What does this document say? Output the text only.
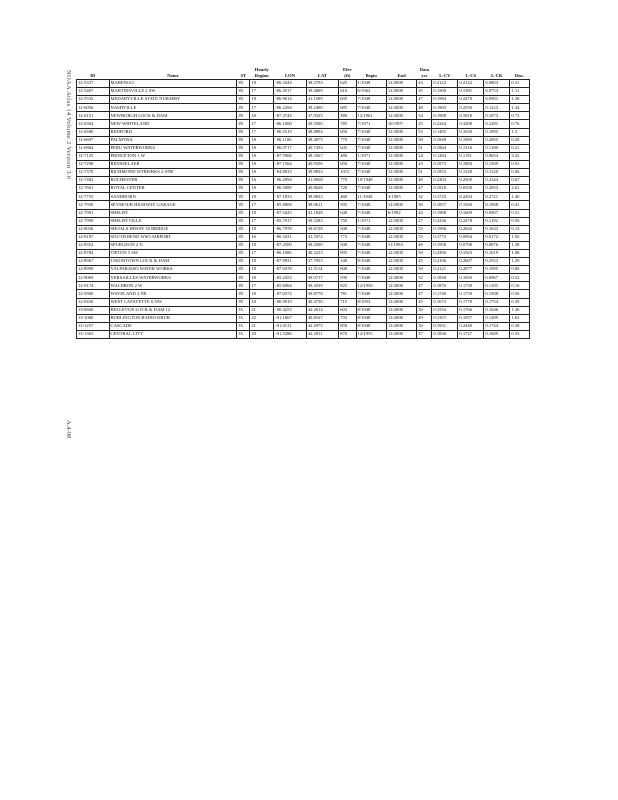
NOAA Atlas 14 Volume 2 Version 3.0
			Hourly			Elev			Data				
ID	Name	ST	Region	LON	LAT	(ft)	Begin	End	yrs	L-CV	L-CS	L-CK	Disc.
12-5337	MARENGO	IN	18	-86.3444	38.3703	625	1/1948	12/2000	43	0.2122	0.2142	0.0803	0.31
12-5407	MARTINSVILLE 2 SW	IN	17	-86.4517	39.4069	610	6/1962	12/2000	35	0.1500	0.1185	0.0753	1.11
12-5535	MEDARYVILLE STATE NURSERY	IN	18	-86.9014	41.1589	695	7/1948	12/2000	47	0.1984	0.2470	0.0901	1.38
12-6056	NASHVILLE	IN	17	-86.2294	39.2400	685	7/1948	12/2000	48	0.1983	0.2550	0.1223	1.34
12-6151	NEWBURGH LOCK & DAM	IN	18	-87.3744	37.9325	380	12/1961	12/2000	34	0.1988	0.1018	0.1073	0.73
12-6304	NEW WHITELAND	IN	17	-86.1000	39.5500	785	7/1971	10/1997	25	0.2244	0.3208	0.2281	0.76
12-6580	BEDFORD	IN	17	-86.5519	38.8894	650	7/1948	12/2000	53	0.1485	0.1630	0.1895	1.5
12-6697	PALMYRA	IN	18	-86.1106	38.4075	770	7/1948	12/2000	50	0.1848	0.1985	0.2005	0.20
12-6864	PERU WATERWORKS	IN	18	-86.0717	40.7453	645	7/1948	12/2000	51	0.1864	0.1316	0.1108	0.21
12-7125	PRINCETON 1 W	IN	18	-87.5906	38.3567	480	1/1971	12/2000	24	0.1284	0.1191	0.0654	3.32
12-7298	RENSSELAER	IN	18	-87.1564	40.9356	650	7/1948	12/2000	43	0.1873	0.1884	0.1509	0.01
12-7370	RICHMOND WTRWRKS 2 NNE	IN	18	-84.8833	39.8833	1015	7/1948	12/2000	51	0.1853	0.1528	0.1320	0.06
12-7482	ROCHESTER	IN	16	-86.2094	41.0658	770	10/1948	12/2000	48	0.2203	0.2509	0.2344	0.67
12-7601	ROYAL CENTER	IN	18	-86.5089	40.8628	720	7/1948	12/2000	47	0.1818	0.0358	0.2053	2.61
12-7755	SANDBORN	IN	18	-87.1833	38.8833	460	11/1949	3/1985	32	0.1725	0.2204	0.2721	1.40
12-7930	SEYMOUR HIGHWAY GARAGE	IN	17	-85.8808	38.9611	595	7/1948	12/2000	50	0.1857	0.1940	0.1908	0.41
12-7991	SHELBY	IN	18	-87.3425	41.1828	640	7/1948	6/1992	44	0.1988	0.1609	0.0907	0.51
12-7999	SHELBYVILLE	IN	17	-85.7917	39.5283	750	1/1971	12/2000	27	0.2236	0.2478	0.1192	0.56
12-8036	SHOALS HIWAY 50 BRIDGE	IN	18	-86.7978	38.6728	500	7/1948	12/2000	53	0.1996	0.2042	0.1633	0.13
12-8187	SOUTH BEND WSO AIRPORT	IN	16	-86.3331	41.7072	773	7/1948	12/2000	53	0.1773	0.0994	0.0172	1.93
12-8352	SPURGEON 2 N	IN	18	-87.2500	38.2500	500	7/1948	11/1994	46	0.1958	0.0790	0.0876	1.38
12-8784	TIPTON 5 SW	IN	17	-86.1086	40.2233	895	7/1948	12/2000	50	0.2300	0.1923	0.1019	1.08
12-8967	UNIONTOWN LOCK & DAM	IN	18	-87.9931	37.7953	340	8/1948	12/2000	45	0.2106	0.2607	0.2553	1.29
12-8999	VALPARAISO WATER WORKS	IN	18	-87.0378	41.5114	800	7/1948	12/2000	50	0.2121	0.2077	0.1095	0.80
12-9069	VERSAILLES WATERWORKS	IN	18	-85.2453	39.0717	939	7/1948	12/2000	52	0.1830	0.1650	0.0967	0.52
12-9174	WALDRON 2 W	IN	17	-85.6964	39.4539	825	12/1950	12/2000	47	0.1876	0.1739	0.1105	0.16
12-9300	WAVELAND 2 NE	IN	18	-87.0372	39.8778	781	7/1948	12/2000	47	0.1746	0.1759	0.1508	0.56
12-9430	WEST LAFAYETTE 6 NW	IN	18	-86.9919	40.4750	715	8/1953	12/2000	45	0.1672	0.1770	0.1754	0.39
13-0600	BELLEVUE LOCK & DAM 12	IA	21	-90.4253	42.2614	603	8/1948	12/2000	50	0.1554	0.1766	0.1646	1.36
13-1060	BURLINGTON RADIO KBUR	IA	22	-91.1667	40.8167	703	8/1948	12/2000	49	0.1357	0.1057	0.1289	1.62
13-1257	CASCADE	IA	21	-91.0131	42.2975	850	8/1948	12/2000	50	0.1931	0.2440	0.1744	0.38
13-1363	CENTRAL CITY	IA	20	-91.5286	42.2011	870	12/1955	12/2000	37	0.1836	0.1727	0.1689	0.33
A.4-98
